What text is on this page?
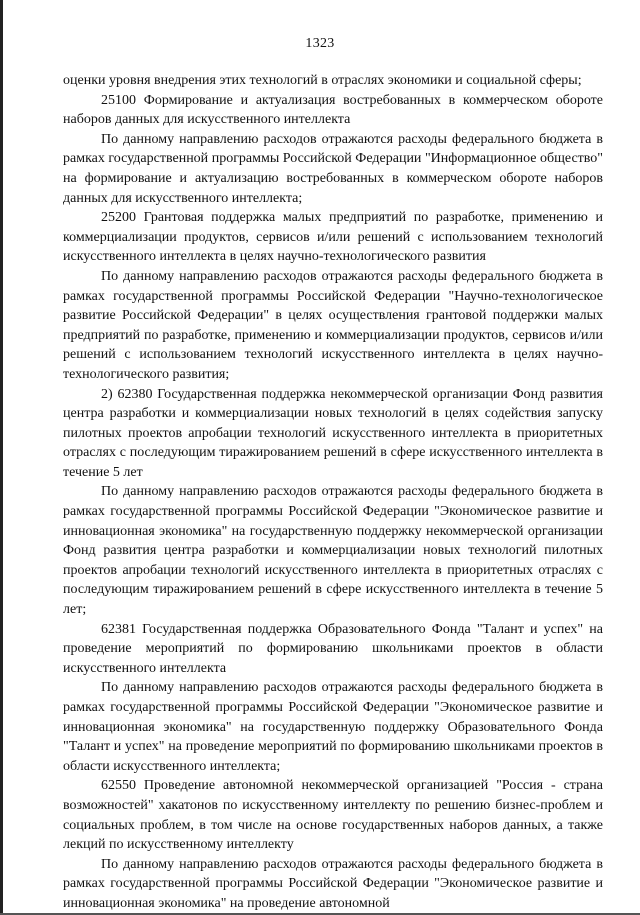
1323

оценки уровня внедрения этих технологий в отраслях экономики и социальной сферы;

25100 Формирование и актуализация востребованных в коммерческом обороте наборов данных для искусственного интеллекта

По данному направлению расходов отражаются расходы федерального бюджета в рамках государственной программы Российской Федерации "Информационное общество" на формирование и актуализацию востребованных в коммерческом обороте наборов данных для искусственного интеллекта;

25200 Грантовая поддержка малых предприятий по разработке, применению и коммерциализации продуктов, сервисов и/или решений с использованием технологий искусственного интеллекта в целях научно-технологического развития

По данному направлению расходов отражаются расходы федерального бюджета в рамках государственной программы Российской Федерации "Научно-технологическое развитие Российской Федерации" в целях осуществления грантовой поддержки малых предприятий по разработке, применению и коммерциализации продуктов, сервисов и/или решений с использованием технологий искусственного интеллекта в целях научно-технологического развития;

2) 62380 Государственная поддержка некоммерческой организации Фонд развития центра разработки и коммерциализации новых технологий в целях содействия запуску пилотных проектов апробации технологий искусственного интеллекта в приоритетных отраслях с последующим тиражированием решений в сфере искусственного интеллекта в течение 5 лет

По данному направлению расходов отражаются расходы федерального бюджета в рамках государственной программы Российской Федерации "Экономическое развитие и инновационная экономика" на государственную поддержку некоммерческой организации Фонд развития центра разработки и коммерциализации новых технологий пилотных проектов апробации технологий искусственного интеллекта в приоритетных отраслях с последующим тиражированием решений в сфере искусственного интеллекта в течение 5 лет;

62381 Государственная поддержка Образовательного Фонда "Талант и успех" на проведение мероприятий по формированию школьниками проектов в области искусственного интеллекта

По данному направлению расходов отражаются расходы федерального бюджета в рамках государственной программы Российской Федерации "Экономическое развитие и инновационная экономика" на государственную поддержку Образовательного Фонда "Талант и успех" на проведение мероприятий по формированию школьниками проектов в области искусственного интеллекта;

62550 Проведение автономной некоммерческой организацией "Россия - страна возможностей" хакатонов по искусственному интеллекту по решению бизнес-проблем и социальных проблем, в том числе на основе государственных наборов данных, а также лекций по искусственному интеллекту

По данному направлению расходов отражаются расходы федерального бюджета в рамках государственной программы Российской Федерации "Экономическое развитие и инновационная экономика" на проведение автономной
